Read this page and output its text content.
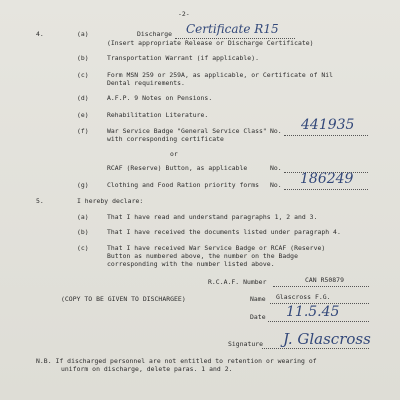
-2-
4.	(a)	Discharge Certificate R15
(Insert appropriate Release or Discharge Certificate)
(b)	Transportation Warrant (if applicable).
(c)	Form MSN 259 or 259A, as applicable, or Certificate of Nil
Dental requirements.
(d)	A.F.P. 9 Notes on Pensions.
(e)	Rehabilitation Literature.
(f)	War Service Badge "General Service Class"
with corresponding certificate
No. 441935
or
RCAF (Reserve) Button, as applicable	No.
(g)	Clothing and Food Ration priority forms No. 186249
5.	I hereby declare:
(a)	That I have read and understand paragraphs 1, 2 and 3.
(b)	That I have received the documents listed under paragraph 4.
(c)	That I have received War Service Badge or RCAF (Reserve)
Button as numbered above, the number on the Badge
corresponding with the number listed above.
R.C.A.F. Number	CAN R50879
(COPY TO BE GIVEN TO DISCHARGEE)	Name Glascross F.G.
Date 11.5.45
Signature J. Glascross
N.B. If discharged personnel are not entitled to retention or wearing of
uniform on discharge, delete paras. 1 and 2.
